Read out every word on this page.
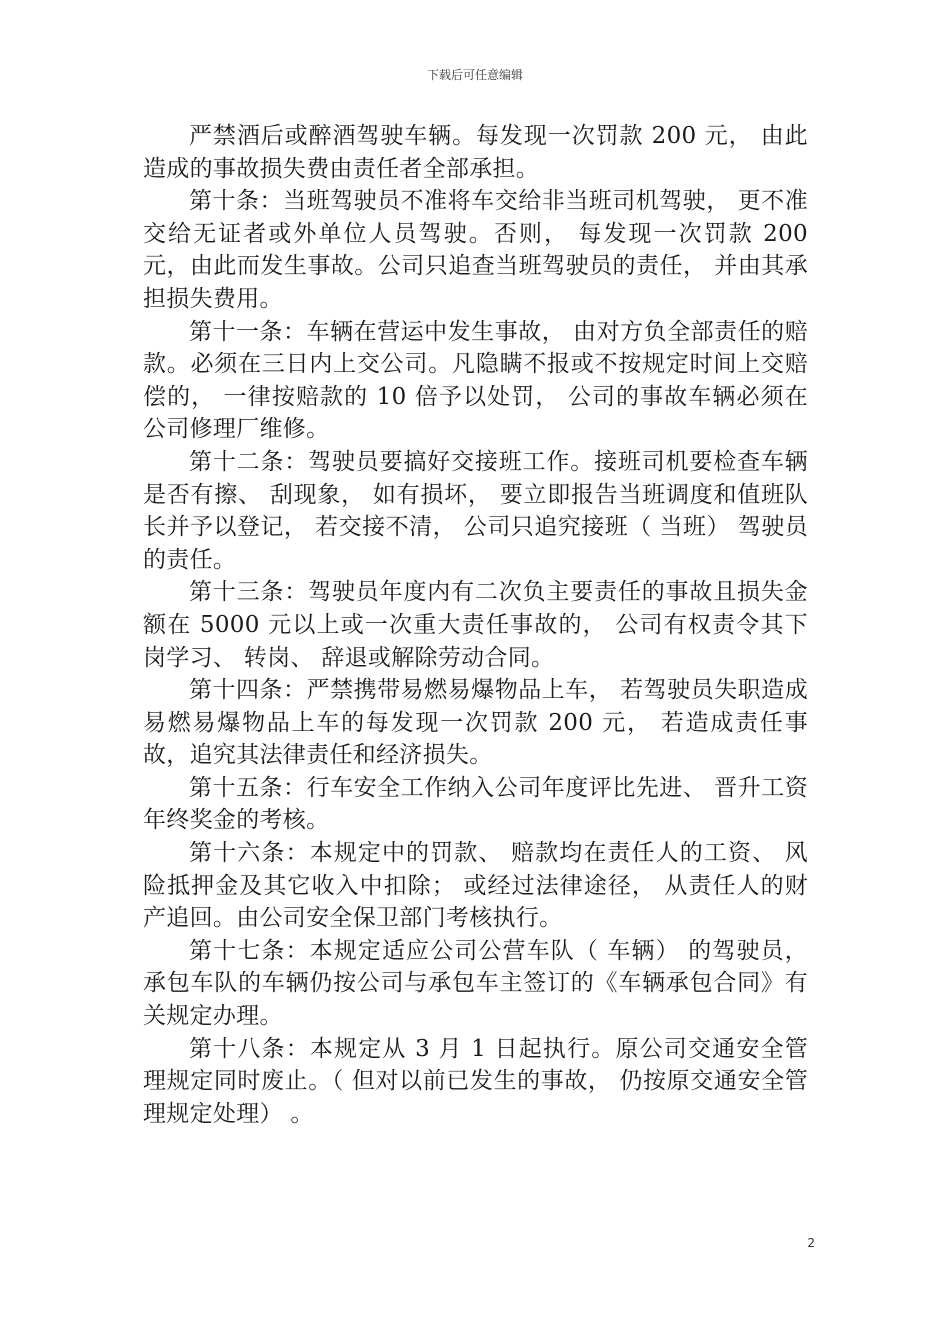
下载后可任意编辑

严禁酒后或醉酒驾驶车辆。每发现一次罚款 200 元， 由此造成的事故损失费由责任者全部承担。

第十条：当班驾驶员不准将车交给非当班司机驾驶， 更不准交给无证者或外单位人员驾驶。否则， 每发现一次罚款 200 元，由此而发生事故。公司只追查当班驾驶员的责任， 并由其承担损失费用。

第十一条：车辆在营运中发生事故， 由对方负全部责任的赔款。必须在三日内上交公司。凡隐瞒不报或不按规定时间上交赔偿的， 一律按赔款的 10 倍予以处罚， 公司的事故车辆必须在公司修理厂维修。

第十二条：驾驶员要搞好交接班工作。接班司机要检查车辆是否有擦、 刮现象， 如有损坏， 要立即报告当班调度和值班队长并予以登记， 若交接不清， 公司只追究接班（ 当班） 驾驶员的责任。

第十三条：驾驶员年度内有二次负主要责任的事故且损失金额在 5000 元以上或一次重大责任事故的， 公司有权责令其下岗学习、 转岗、 辞退或解除劳动合同。

第十四条：严禁携带易燃易爆物品上车， 若驾驶员失职造成易燃易爆物品上车的每发现一次罚款 200 元， 若造成责任事故，追究其法律责任和经济损失。

第十五条：行车安全工作纳入公司年度评比先进、 晋升工资年终奖金的考核。

第十六条：本规定中的罚款、 赔款均在责任人的工资、 风险抵押金及其它收入中扣除； 或经过法律途径， 从责任人的财产追回。由公司安全保卫部门考核执行。

第十七条：本规定适应公司公营车队（ 车辆） 的驾驶员， 承包车队的车辆仍按公司与承包车主签订的《车辆承包合同》有关规定办理。

第十八条：本规定从 3 月 1 日起执行。原公司交通安全管理规定同时废止。（ 但对以前已发生的事故， 仍按原交通安全管理规定处理） 。

2
